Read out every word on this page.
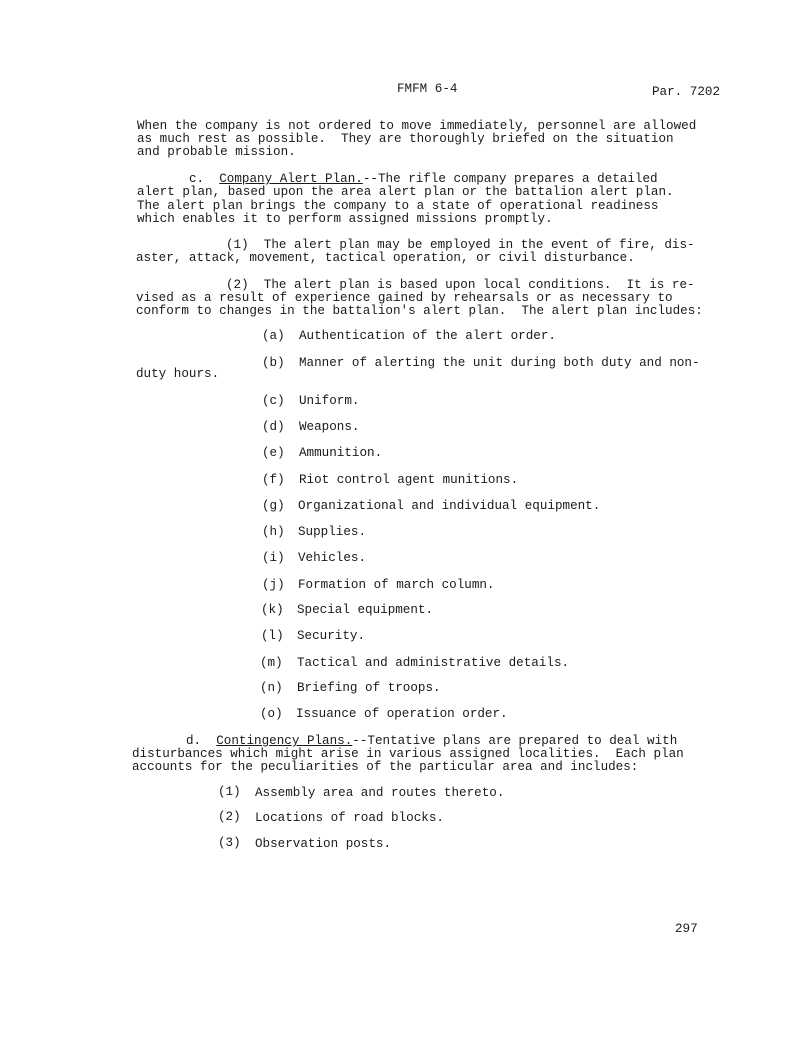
FMFM 6-4	Par. 7202
When the company is not ordered to move immediately, personnel are allowed
as much rest as possible.  They are thoroughly briefed on the situation
and probable mission.
c. Company Alert Plan.--The rifle company prepares a detailed
alert plan, based upon the area alert plan or the battalion alert plan.
The alert plan brings the company to a state of operational readiness
which enables it to perform assigned missions promptly.
(1)  The alert plan may be employed in the event of fire, dis-
aster, attack, movement, tactical operation, or civil disturbance.
(2)  The alert plan is based upon local conditions.  It is re-
vised as a result of experience gained by rehearsals or as necessary to
conform to changes in the battalion's alert plan.  The alert plan includes:
(a) Authentication of the alert order.
(b) Manner of alerting the unit during both duty and non-
duty hours.
(c) Uniform.
(d) Weapons.
(e) Ammunition.
(f) Riot control agent munitions.
(g) Organizational and individual equipment.
(h) Supplies.
(i) Vehicles.
(j) Formation of march column.
(k) Special equipment.
(l) Security.
(m) Tactical and administrative details.
(n) Briefing of troops.
(o) Issuance of operation order.
d. Contingency Plans.--Tentative plans are prepared to deal with
disturbances which might arise in various assigned localities.  Each plan
accounts for the peculiarities of the particular area and includes:
(1) Assembly area and routes thereto.
(2) Locations of road blocks.
(3) Observation posts.
297
